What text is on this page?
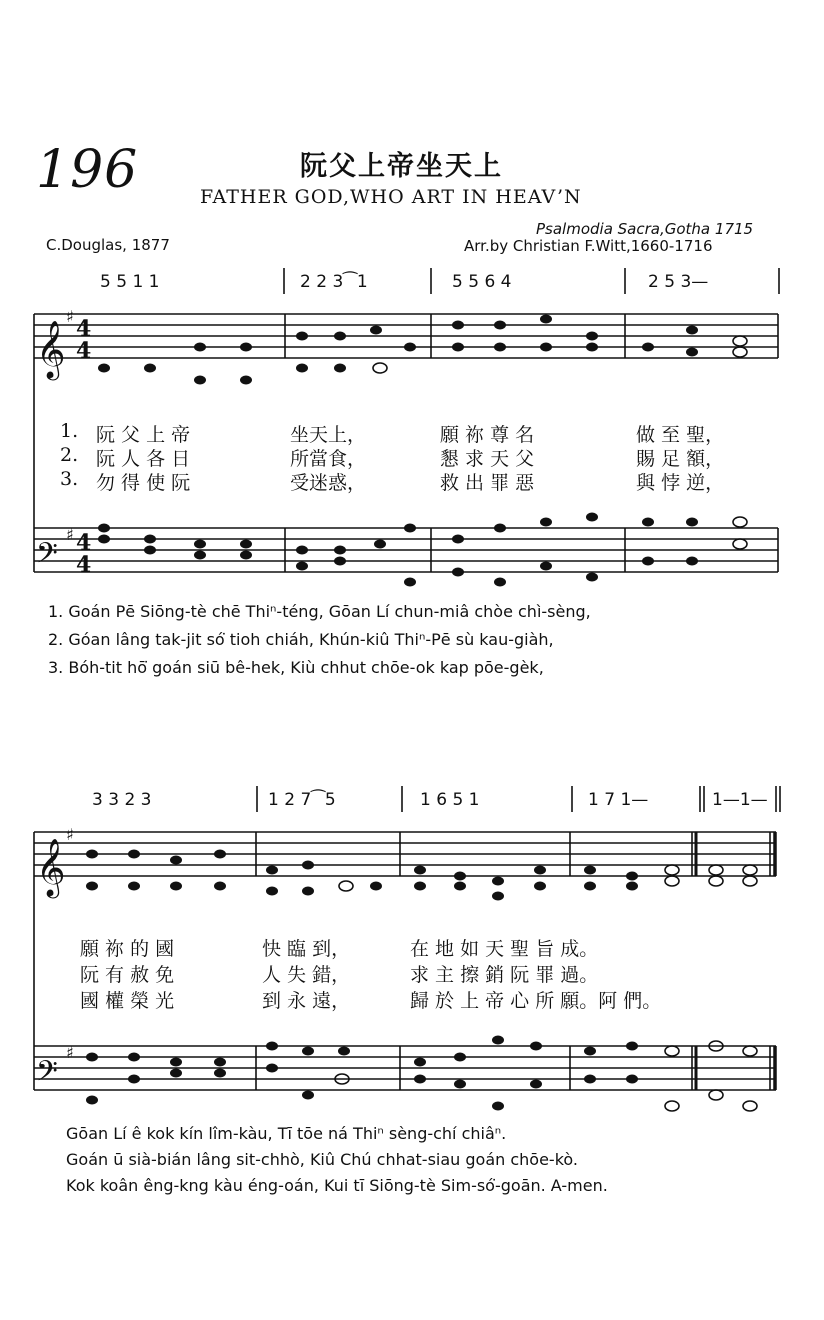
196	阮父上帝坐天上
FATHER GOD,WHO ART IN HEAV’N
C.Douglas, 1877
Psalmodia Sacra,Gotha 1715
Arr.by Christian F.Witt,1660-1716
5 5 1 1	2 2 3⁀1	5 5 6 4	2 5 3—
1. 阮 父 上 帝	坐天上，	願 祢 尊 名	做 至 聖，
2. 阮 人 各 日	所當食，	懇 求 天 父	賜 足 額，
3. 勿 得 使 阮	受迷惑，	救 出 罪 惡	與 悖 逆，
1. Goán Pē Siōng-tè chē Thiⁿ-téng, Gōan Lí chun-miâ chòe chì-sèng,
2. Góan lâng tak-jit só͘ tioh chiáh, Khún-kiû Thiⁿ-Pē sù kau-giàh,
3. Bóh-tit hō͘ goán siū bê-hek, Kiù chhut chōe-ok kap pōe-gèk,
3 3 2 3	1 2 7⁀5	1 6 5 1	1 7 1—	1—1—
願 祢 的 國	快 臨 到，	在 地 如 天 聖 旨 成。
阮 有 赦 免	人 失 錯，	求 主 擦 銷 阮 罪 過。
國 權 榮 光	到 永 遠，	歸 於 上 帝 心 所 願。阿 們。
Gōan Lí ê kok kín lîm-kàu, Tī tōe ná Thiⁿ sèng-chí chiâⁿ.
Goán ū sià-bián lâng sit-chhò, Kiû Chú chhat-siau goán chōe-kò.
Kok koân êng-kng kàu éng-oán, Kui tī Siōng-tè Sim-só͘-goān. A-men.
𝄞
𝄢
𝄞
𝄢
♯
♯
♯
♯
4
4
4
4
